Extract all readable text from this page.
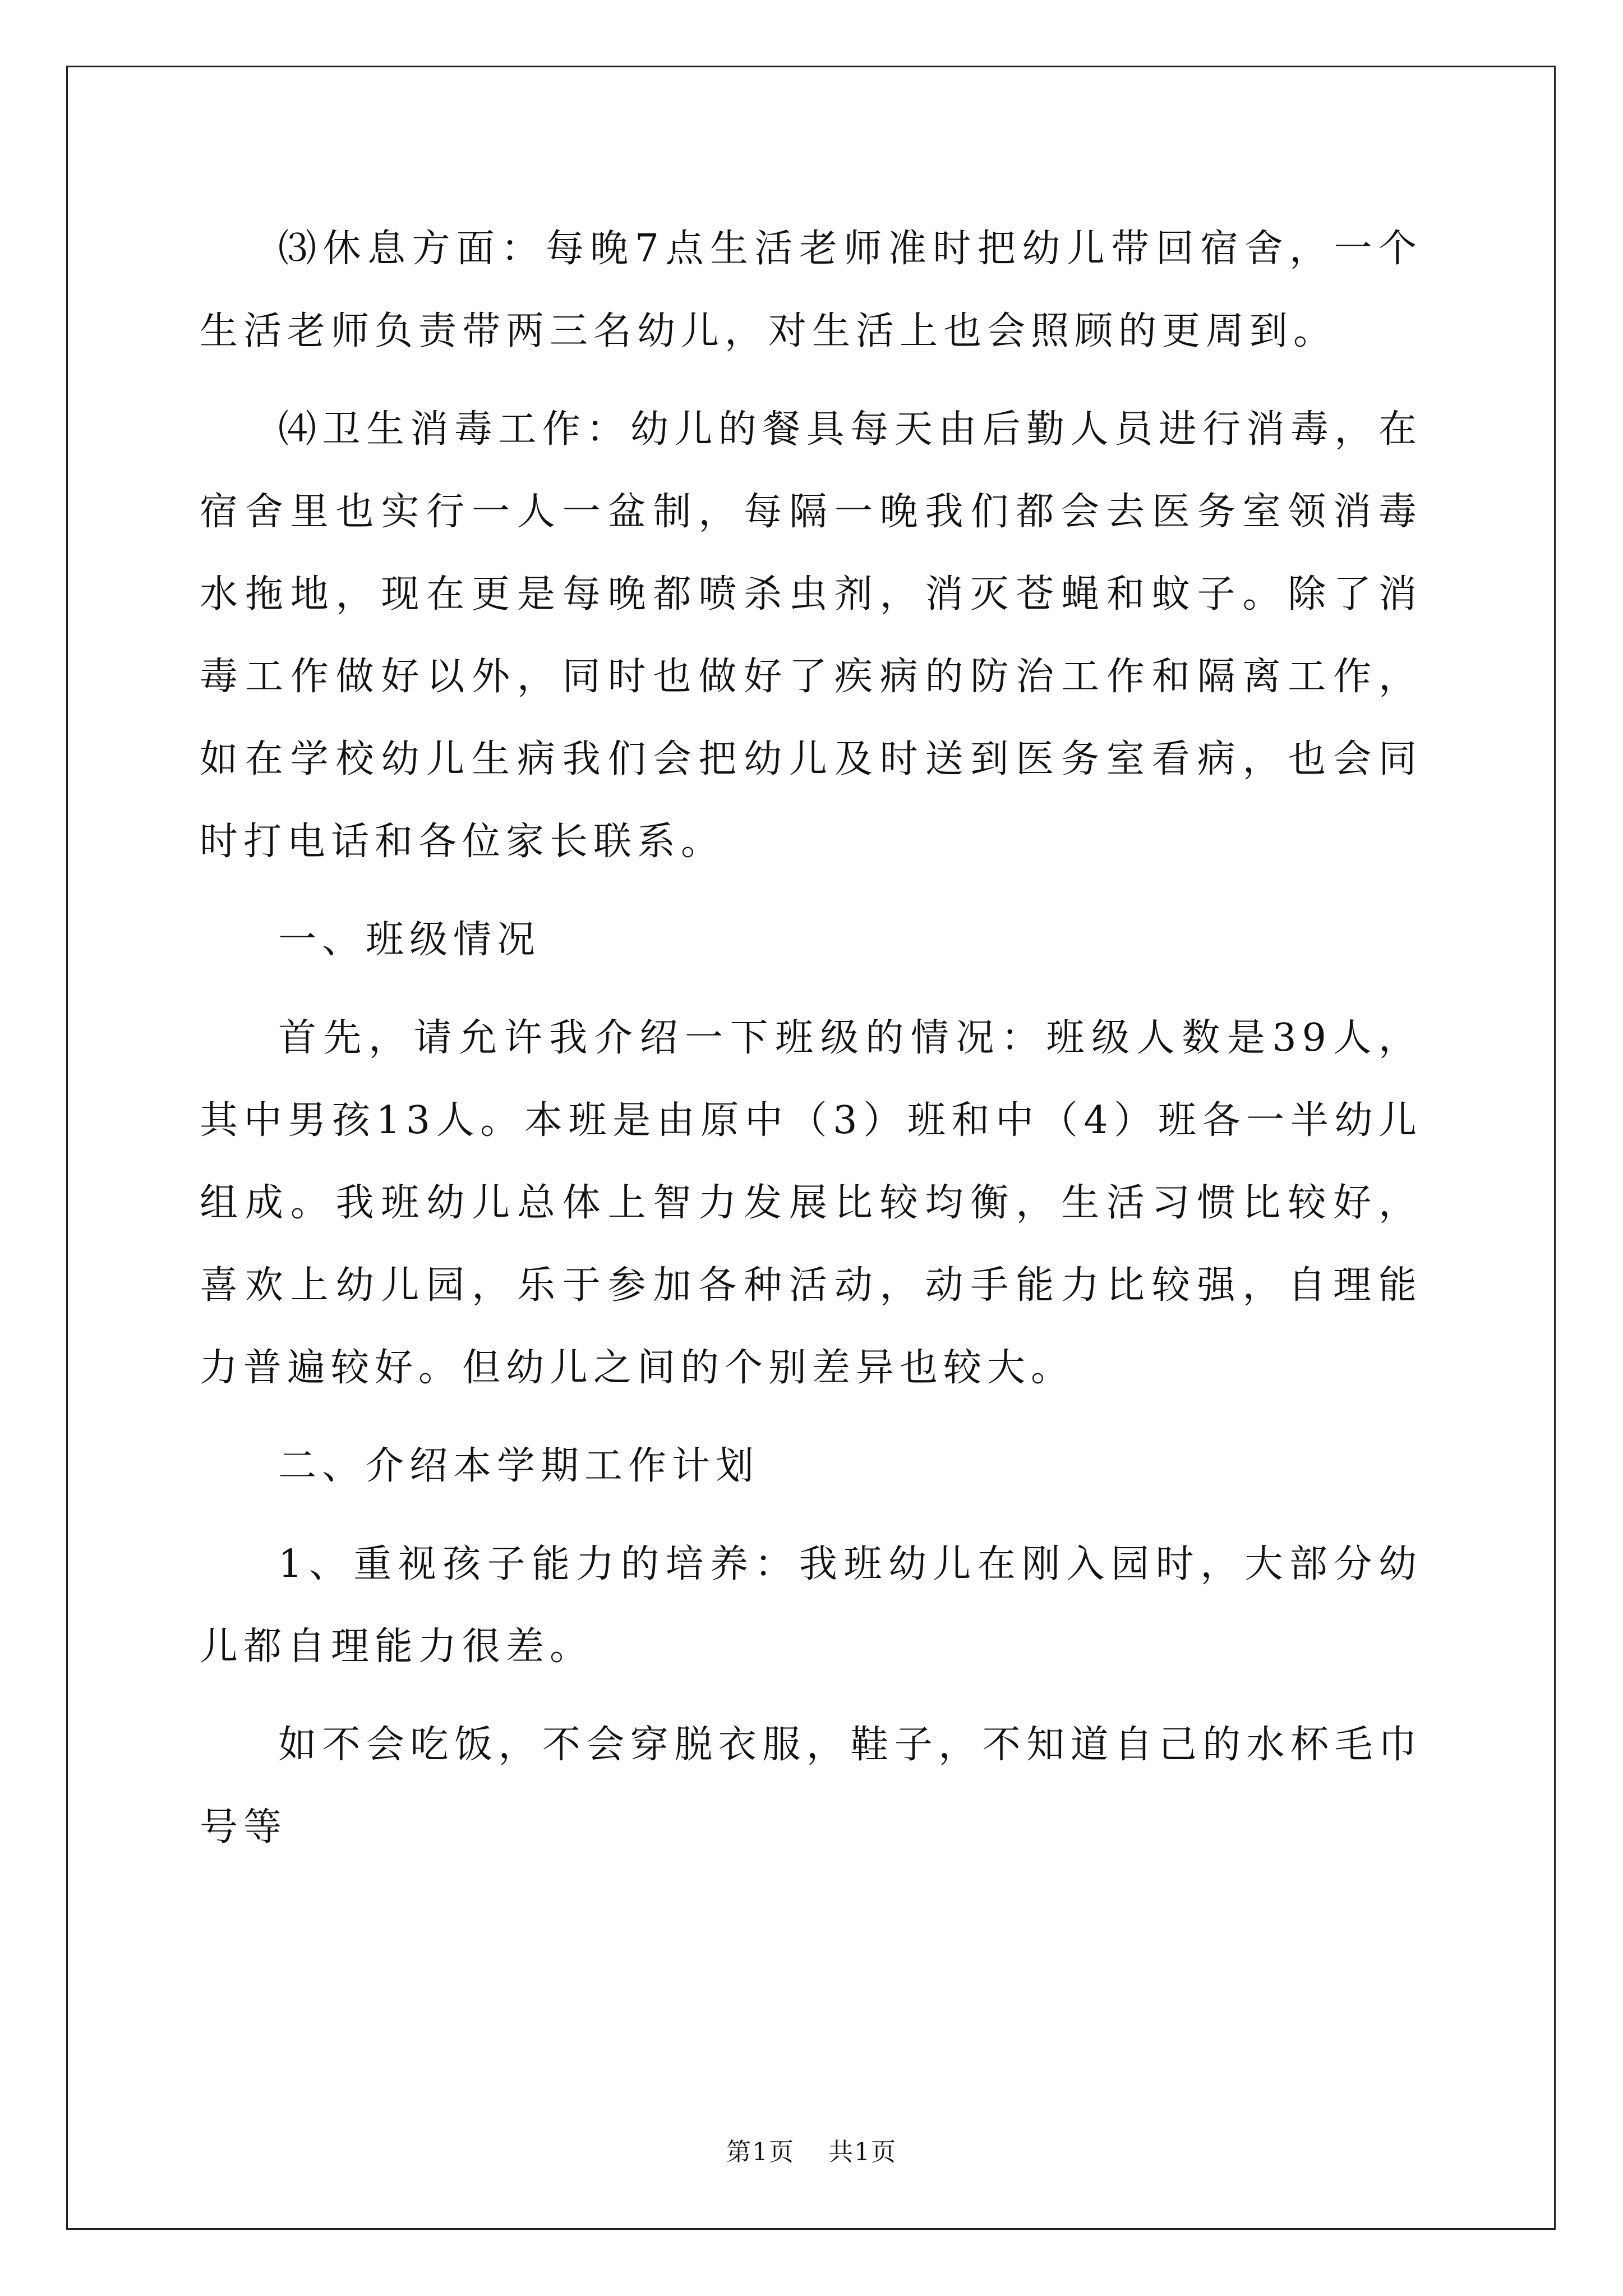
⑶休息方面：每晚7点生活老师准时把幼儿带回宿舍，一个生活老师负责带两三名幼儿，对生活上也会照顾的更周到。

⑷卫生消毒工作：幼儿的餐具每天由后勤人员进行消毒，在宿舍里也实行一人一盆制，每隔一晚我们都会去医务室领消毒水拖地，现在更是每晚都喷杀虫剂，消灭苍蝇和蚊子。除了消毒工作做好以外，同时也做好了疾病的防治工作和隔离工作，如在学校幼儿生病我们会把幼儿及时送到医务室看病，也会同时打电话和各位家长联系。

一、班级情况

首先，请允许我介绍一下班级的情况：班级人数是39人，其中男孩13人。本班是由原中（3）班和中（4）班各一半幼儿组成。我班幼儿总体上智力发展比较均衡，生活习惯比较好，喜欢上幼儿园，乐于参加各种活动，动手能力比较强，自理能力普遍较好。但幼儿之间的个别差异也较大。

二、介绍本学期工作计划

1、重视孩子能力的培养：我班幼儿在刚入园时，大部分幼儿都自理能力很差。

如不会吃饭，不会穿脱衣服，鞋子，不知道自己的水杯毛巾号等

第1页 共1页
